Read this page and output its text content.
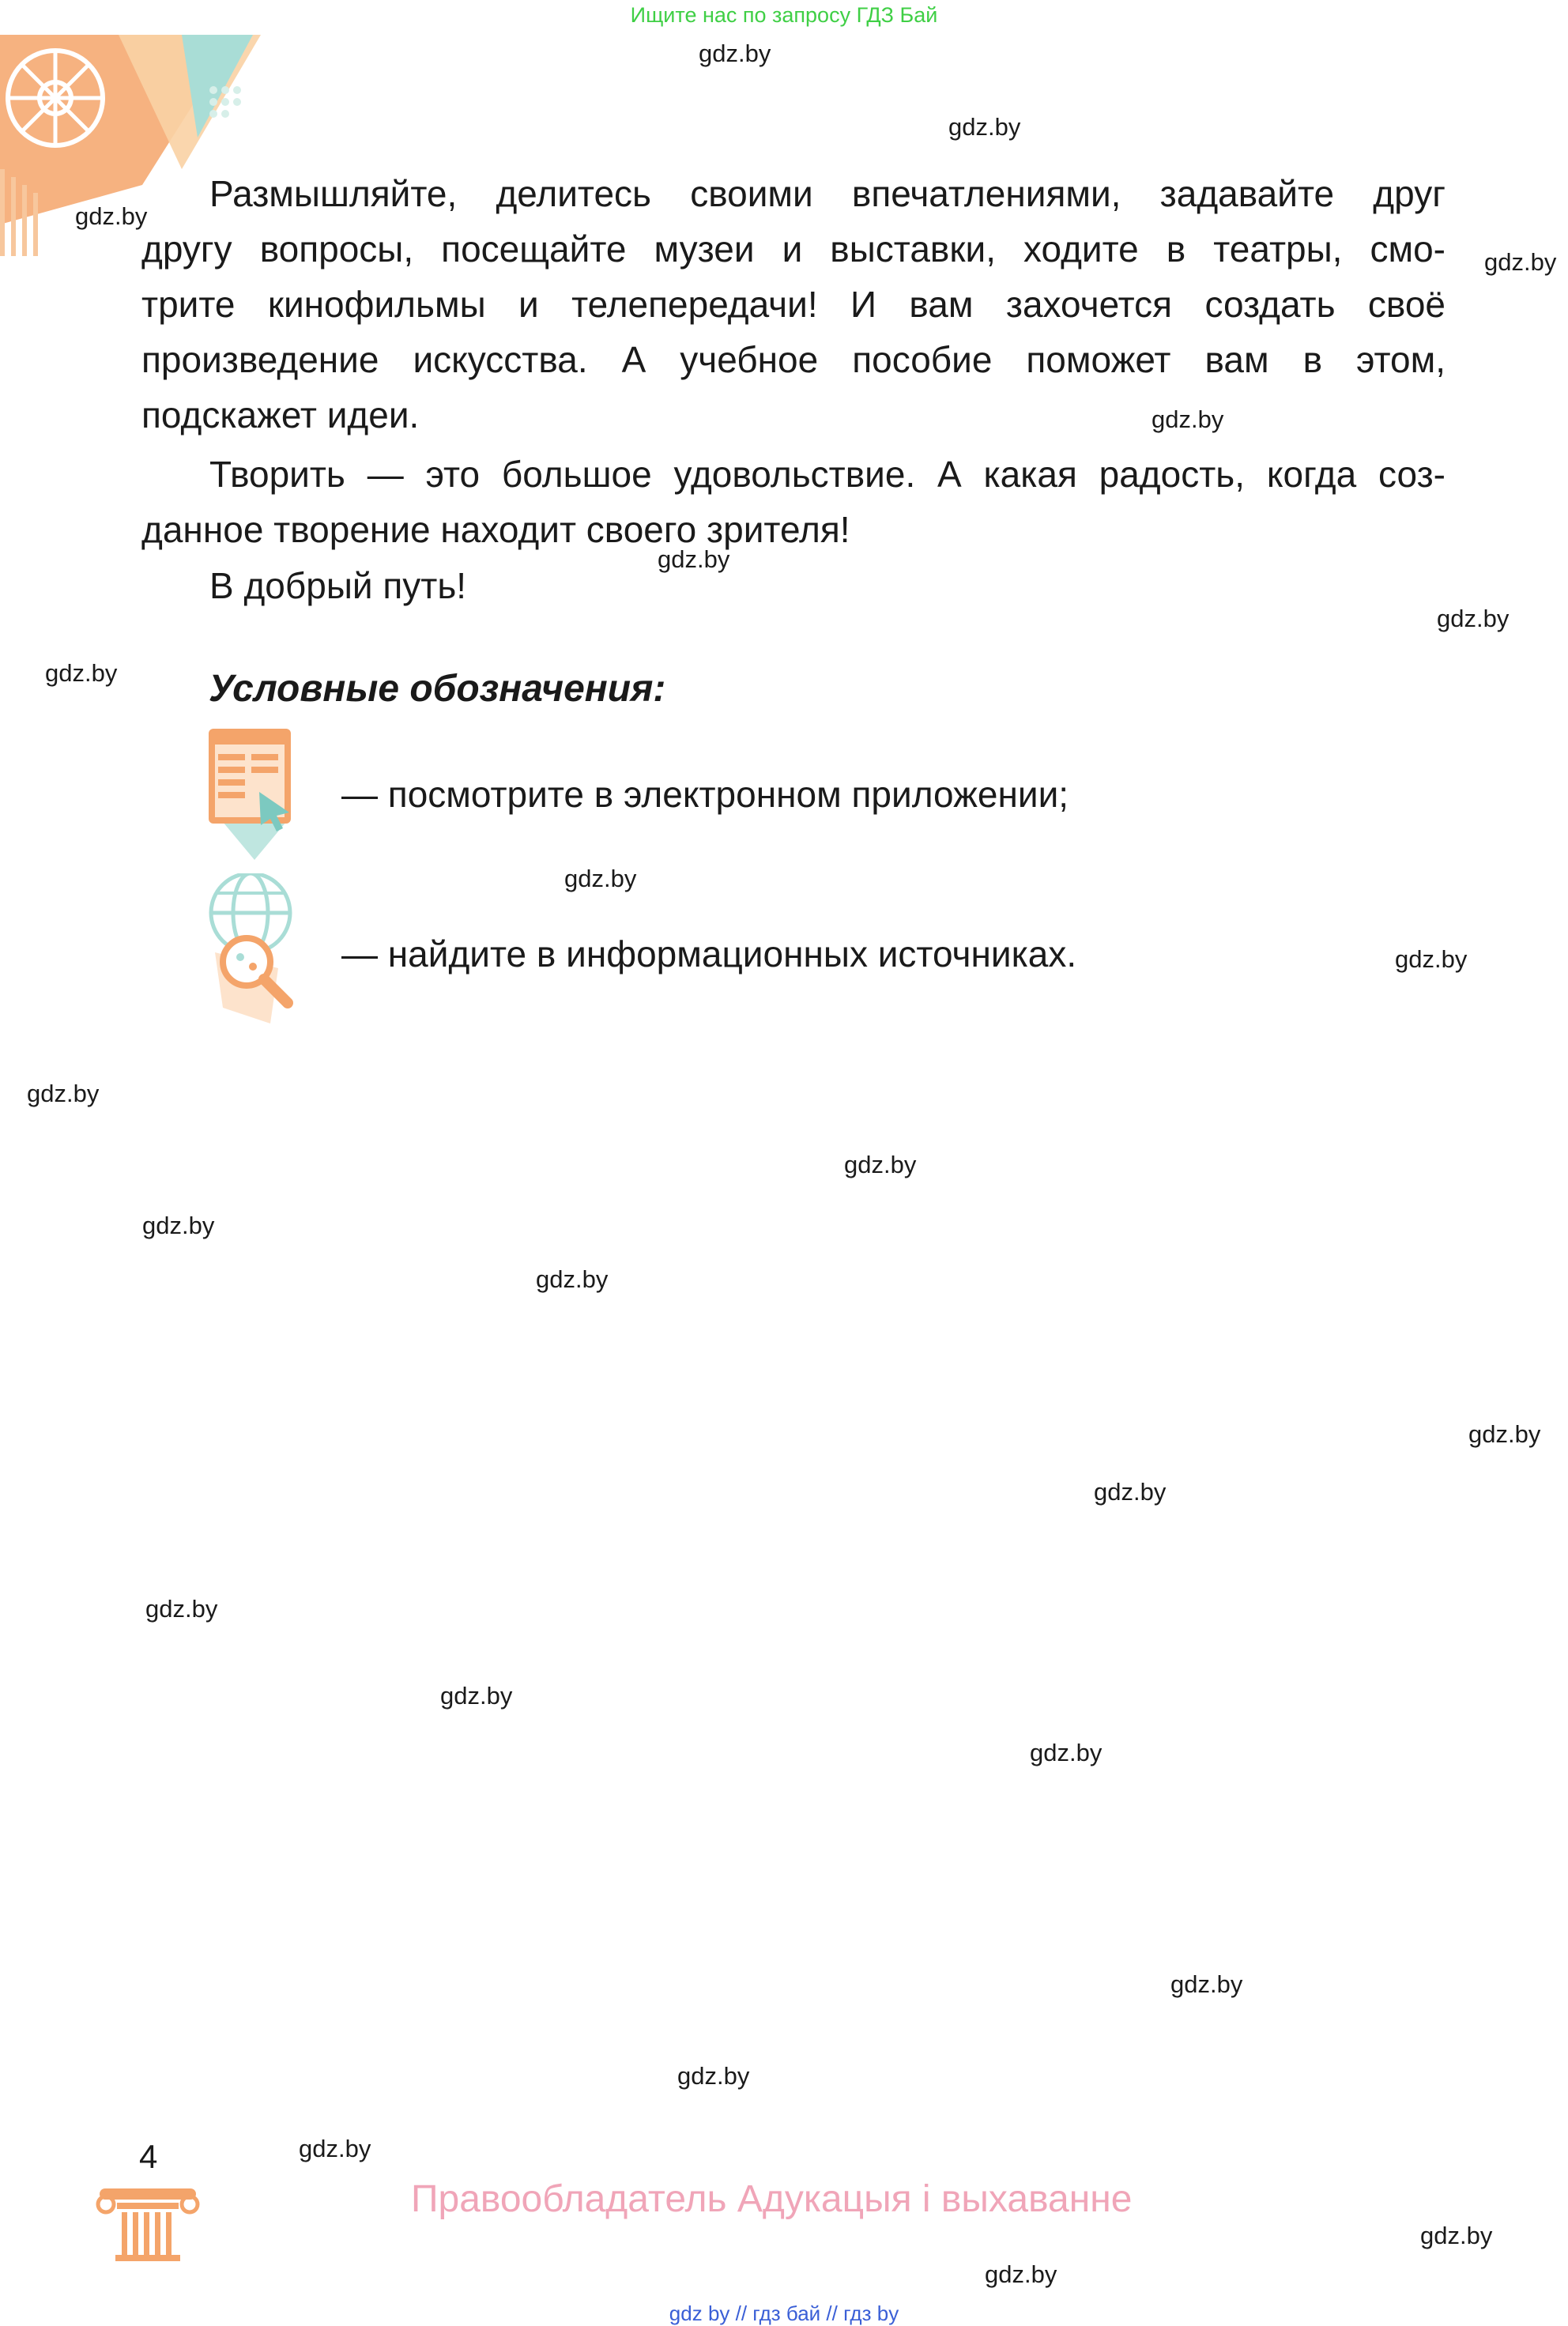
Ищите нас по запросу ГДЗ Бай
Размышляйте, делитесь своими впечатлениями, задавайте друг
другу вопросы, посещайте музеи и выставки, ходите в театры, смо-
трите кинофильмы и телепередачи! И вам захочется создать своё
произведение искусства. А учебное пособие поможет вам в этом,
подскажет идеи.
Творить — это большое удовольствие. А какая радость, когда соз-
данное творение находит своего зрителя!
В добрый путь!
Условные обозначения:
— посмотрите в электронном приложении;
— найдите в информационных источниках.
gdz.by
gdz.by
gdz.by
gdz.by
gdz.by
gdz.by
gdz.by
gdz.by
gdz.by
gdz.by
gdz.by
gdz.by
gdz.by
gdz.by
gdz.by
gdz.by
gdz.by
gdz.by
gdz.by
gdz.by
gdz.by
gdz.by
gdz.by
gdz.by
4
Правообладатель Адукацыя і выхаванне
gdz by // гдз бай // гдз by
